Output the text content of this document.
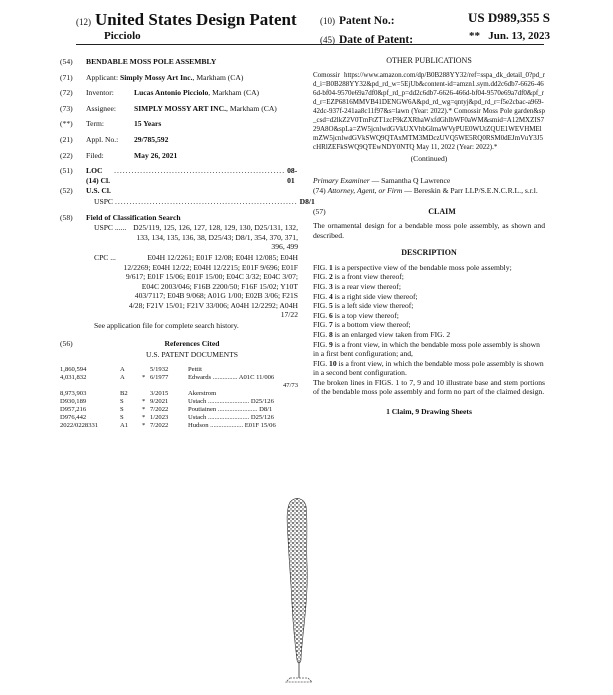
(12) United States Design Patent
Picciolo
(10) Patent No.:	US D989,355 S
(45) Date of Patent:	** Jun. 13, 2023
(54)	BENDABLE MOSS POLE ASSEMBLY
(71)	Applicant: Simply Mossy Art Inc., Markham (CA)
(72)	Inventor:	Lucas Antonio Picciolo, Markham (CA)
(73)	Assignee:	SIMPLY MOSSY ART INC., Markham (CA)
(**)	Term:	15 Years
(21)	Appl. No.:	29/785,592
(22)	Filed:	May 26, 2021
(51)	LOC (14) Cl.
........................................................... 08-01
(52)	U.S. Cl.
USPC ............................................................... D8/1
(58)	Field of Classification Search
USPC ...... D25/119, 125, 126, 127, 128, 129, 130, D25/131, 132, 133, 134, 135, 136, 38, D25/43; D8/1, 354, 370, 371, 396, 499
CPC ...	E04H 12/2261; E01F 12/08; E04H 12/085; E04H 12/2269; E04H 12/22; E04H 12/2215; E01F 9/696; E01F 9/617; E01F 15/06; E01F 15/00; E04C 3/32; E04C 3/07; E04C 2003/046; F16B 2200/50; F16F 15/02; Y10T 403/7117; E04B 9/068; A01G 1/00; E02B 3/06; F21S 4/28; F21V 15/01; F21V 33/006; A04H 12/2292; A04H 17/22
See application file for complete search history.
(56)	References Cited
U.S. PATENT DOCUMENTS
1,860,594	A	5/1932	Pettit
4,031,832	A	* 6/1977	Edwards ............... A01C 11/006
47/73
8,973,903	B2	3/2015	Akerstrom
D930,189	S	* 9/2021	Ustach ......................... D25/126
D957,216	S	* 7/2022	Poutiainen ........................ D8/1
D976,442	S	* 1/2023	Ustach ......................... D25/126
2022/0228331	A1	* 7/2022	Hudson .................... E01F 15/06
OTHER PUBLICATIONS
Comossir https://www.amazon.com/dp/B0B288YY32/ref=sspa_dk_detail_0?pd_rd_i=B0B288YY32&pd_rd_w=5EjUb&content-id=amzn1.sym.dd2c6db7-6626-466d-bf04-9570e69a7df0&pf_rd_p=dd2c6db7-6626-466d-bf04-9570e69a7df0&pf_rd_r=EZP6816MMVB41DENGW6A&pd_rd_wg=qntyj&pd_rd_r=f5e2cbac-a969-42dc-937f-241aa8c11f97&s=lawn (Year: 2022).* Comossir Moss Pole garden&sp_csd=d2lkZ2V0TmFtZT1zcF9kZXRhaWxfdGhlbWF0aWM&smid=A12MXZIS729A8O&spLa=ZW5jcnlwdGVkUXVhbGlmaWVyPUE0WUtZQUE1WEVHMElmZW5jcnlwdGVkSWQ9QTAxMTM3MDczUVQ5WE5RQ0RSM0dEJmVuY3J5cHRlZEFkSWQ9QTEwNDY0NTQ May 11, 2022 (Year: 2022).*
(Continued)
Primary Examiner — Samantha Q Lawrence
(74) Attorney, Agent, or Firm — Bereskin & Parr LLP/S.E.N.C.R.L., s.r.l.
(57)	CLAIM
The ornamental design for a bendable moss pole assembly, as shown and described.
DESCRIPTION
FIG. 1 is a perspective view of the bendable moss pole assembly;
FIG. 2 is a front view thereof;
FIG. 3 is a rear view thereof;
FIG. 4 is a right side view thereof;
FIG. 5 is a left side view thereof;
FIG. 6 is a top view thereof;
FIG. 7 is a bottom view thereof;
FIG. 8 is an enlarged view taken from FIG. 2
FIG. 9 is a front view, in which the bendable moss pole assembly is shown in a first bent configuration; and,
FIG. 10 is a front view, in which the bendable moss pole assembly is shown in a second bent configuration.
The broken lines in FIGS. 1 to 7, 9 and 10 illustrate base and stem portions of the bendable moss pole assembly and form no part of the claimed design.
1 Claim, 9 Drawing Sheets
